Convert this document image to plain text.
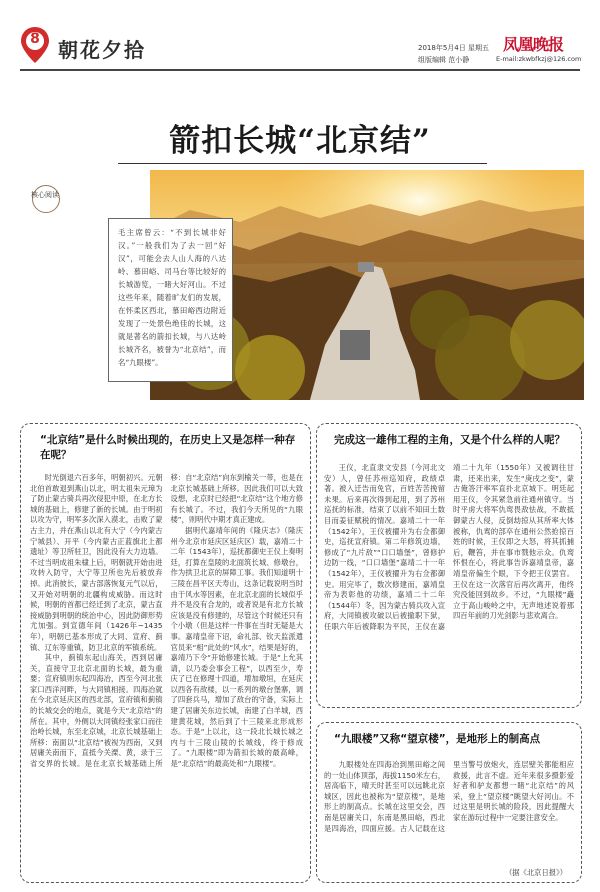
8 朝花夕拾	2018年5月4日 星期五
组版编辑 范小静
凤凰晚报
E-mail:zkwbfkzj@126.com
箭扣长城“北京结”
核心阅读
毛主席曾云：“不到长城非好汉。”一般我们为了去一回“好汉”，可能会去人山人海的八达岭、慕田峪、司马台等比较好的长城游览，一睹大好河山。不过这些年来，随着旷友们的发展，在怀柔区西北，慕田峪西边附近发现了一处景色绝佳的长城，这就是著名的箭扣长城，与八达岭长城齐名，被誉为“北京结”，而名“九眼楼”。
“北京结”是什么时候出现的，在历史上又是怎样一种存在呢？

时光倒退六百多年，明朝初兴。元朝北伯首敢退到燕山以北，明太祖朱元璋为了防止蒙古骑兵再次侵犯中原，在北方长城的基础上，修建了新的长城。由于明初以攻为守，明军多次深入漠北，击败了蒙古主力，并在燕山以北有大宁（今内蒙古宁城县）、开平（今内蒙古正蓝旗北上都遗址）等卫所驻卫，因此没有大力边墙。不过当明成祖朱棣上后，明朝就开始由进攻转入防守，大宁等卫所也先后被放弃掉。此消彼长，蒙古部落恢复元气以后，又开始对明朝的北疆构成威胁。而这时候，明朝的首都已经迁到了北京，蒙古直接威胁到明朝的统治中心，因此防御形势尤加强。到宣德年间（1426年~1435年），明朝已基本形成了大同、宣府、蓟镇、辽东等重镇，防卫北京的军镇系统。

其中，蓟镇东起山海关，西到居庸关，直接守卫北京北面的长城，最为重要；宣府镇则东起四海冶，西至今河北张家口西洋河畔，与大同镇相接。四海冶就在今北京延庆区的西北部，宣府镇和蓟镇的长城交会的地点，就是今天“北京结”的所在。其中，外侧以大同镇经张家口而往治岭长城，东至北京城，北京长城基础上所移：南面以“北京结”被视为西南，又到居庸关南而下，直抵今关溧、黄，录于三省交界的长城。是在北京长城基础上所移：自“北京结”向东到榆关一带，也是在北京长城基础上所移。因此我们可以大致设想，北京时已经把“北京结”这个地方修有长城了。不过，我们今天所见的“九眼楼”，则明代中期才真正建成。

据明代嘉靖年间的《隆庆志》（隆庆州今北京市延庆区延庆区）载，嘉靖二十二年（1543年），巡抚都御史王仪上奏明廷，打算在皇陵的北面筑长城、修墩台，作为拱卫北京的屏障工事。我们知道明十三陵在昌平区天寿山，这条记载说明当时由于风水等因素，在北京北面的长城似乎并不是没有合龙的，或者说是有北方长城应该是没有修建的，尽管这个时候还只有个小墩（但是这样一件事在当时无疑是大事。嘉靖皇帝下诏，命礼部、钦天监派遣官员来“相”此处的“风水”，结果是好的，嘉靖乃下令“开始修建长城。于是“上允其请，以乃委会事会工程”，以西至少，寿庆了已在修理十四道，增加墩垣，在延庆以西各有敌楼，以一系列的墩台堡寨，调了四套兵马，增加了敌台的守备，实际上建了居庸关东边长城，南建了白羊城，西建黄花城，然后到了十三陵来北形成形态。于是“上以北，这一段北长城长城之内与十三陵山陵的长城线，终于修成了。“九眼楼”即为箭扣长城的最高峰，是“北京结”的最高处和“九眼楼”。

完成这一雄伟工程的主角，又是个什么样的人呢？

王仪，北直隶文安县（今河北文安）人，曾任苏州巡知府，政绩卓著。被入迁告而免官，百姓苦苦挽留未果。后来再次得到起用，到了苏州巡抚的标准，结束了以前不知田土数目而姜征赋税的情况。嘉靖二十一年（1542年），王仪被擢升为右佥都御史，巡抚宣府镇。第二年修筑边墙，修成了“九片敌”“口口墙堡”，曾修护边防一线，“口口墙堡”嘉靖二十一年（1542年），王仪被擢升为右佥都御史。用完毕了，数次修建而，嘉靖皇帝为表彰他的功绩，嘉靖二十二年（1544年）冬，因为蒙古骑兵攻入宣府，大同镇被攻破以后被撤职下狱，任职六年后被降职为平民，王仪在嘉靖二十九年（1550年）又被调往甘肃，还来出来，发生“庚戌之变”，蒙古俺答汗率军直扑北京城下。明廷起用王仪，令其紧急前往通州镇守。当时平虏大将军仇鸾畏敌怯战，不敢抵御蒙古人侵，反倒劫掠从其所率大体被称，仇鸾的部卒在通州公然抢掠百姓的时候，王仪即之大怒，将其抓捕后，鞭笞，并在事市戮他示众。仇鸾怀恨在心，将此事告诉嘉靖皇帝，嘉靖皇帝偏生个眼，下令把王仪罢官。王仪在这一次落官后再次离开，他终究没能回到故乡。不过，“九眼楼”矗立于高山峻岭之中，无声地述说着那四百年前的刀光剑影与悲欢离合。

“九眼楼”又称“望京楼”，是地形上的制高点

九眼楼处在四海冶到黑田峪之间的一处山体顶部，海拔1150米左右，居高临下，晴天时甚至可以远眺北京城区，因此也被称为“望京楼”，是地形上的制高点。长城在这里交会，西南是居庸关口，东南是黑田峪，西北是四海冶，四面应援。古人记载在这里当警号放炮火，连层壁关都能相应救援，此言不虚。近年来很多摄影爱好者和驴友都想一睹“北京结”的风采，登上“望京楼”眺望大好河山。不过这里是明长城的险段，因此提醒大家在游玩过程中一定要注意安全。

（据《北京日报》）
